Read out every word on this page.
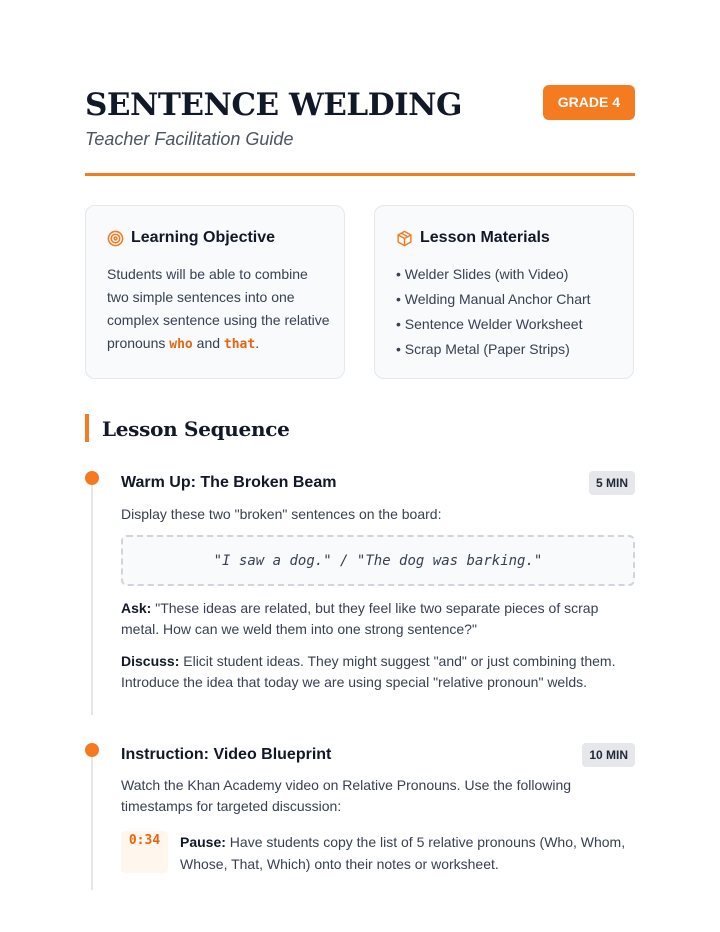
SENTENCE WELDING
Teacher Facilitation Guide
GRADE 4
Learning Objective
Students will be able to combine two simple sentences into one complex sentence using the relative pronouns who and that.
Lesson Materials
• Welder Slides (with Video)
• Welding Manual Anchor Chart
• Sentence Welder Worksheet
• Scrap Metal (Paper Strips)
Lesson Sequence
Warm Up: The Broken Beam	5 MIN
Display these two "broken" sentences on the board:
"I saw a dog." / "The dog was barking."
Ask: "These ideas are related, but they feel like two separate pieces of scrap metal. How can we weld them into one strong sentence?"
Discuss: Elicit student ideas. They might suggest "and" or just combining them. Introduce the idea that today we are using special "relative pronoun" welds.
Instruction: Video Blueprint	10 MIN
Watch the Khan Academy video on Relative Pronouns. Use the following timestamps for targeted discussion:
0:34	Pause: Have students copy the list of 5 relative pronouns (Who, Whom, Whose, That, Which) onto their notes or worksheet.
